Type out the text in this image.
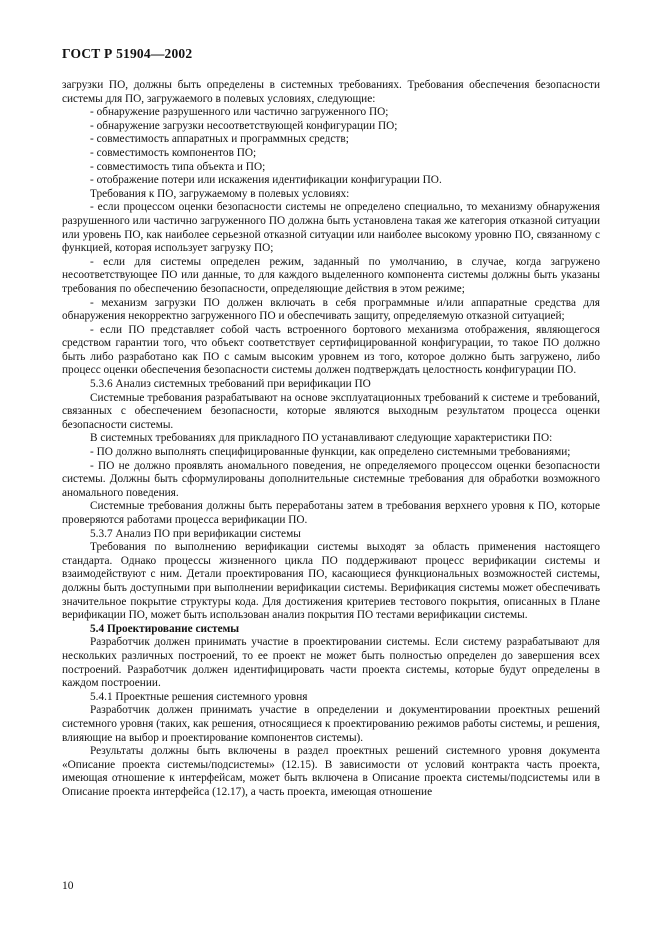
ГОСТ Р 51904—2002

загрузки ПО, должны быть определены в системных требованиях. Требования обеспечения безопасности системы для ПО, загружаемого в полевых условиях, следующие:

- обнаружение разрушенного или частично загруженного ПО;

- обнаружение загрузки несоответствующей конфигурации ПО;

- совместимость аппаратных и программных средств;

- совместимость компонентов ПО;

- совместимость типа объекта и ПО;

- отображение потери или искажения идентификации конфигурации ПО.

Требования к ПО, загружаемому в полевых условиях:

- если процессом оценки безопасности системы не определено специально, то механизму обнаружения разрушенного или частично загруженного ПО должна быть установлена такая же категория отказной ситуации или уровень ПО, как наиболее серьезной отказной ситуации или наиболее высокому уровню ПО, связанному с функцией, которая использует загрузку ПО;

- если для системы определен режим, заданный по умолчанию, в случае, когда загружено несоответствующее ПО или данные, то для каждого выделенного компонента системы должны быть указаны требования по обеспечению безопасности, определяющие действия в этом режиме;

- механизм загрузки ПО должен включать в себя программные и/или аппаратные средства для обнаружения некорректно загруженного ПО и обеспечивать защиту, определяемую отказной ситуацией;

- если ПО представляет собой часть встроенного бортового механизма отображения, являющегося средством гарантии того, что объект соответствует сертифицированной конфигурации, то такое ПО должно быть либо разработано как ПО с самым высоким уровнем из того, которое должно быть загружено, либо процесс оценки обеспечения безопасности системы должен подтверждать целостность конфигурации ПО.

5.3.6 Анализ системных требований при верификации ПО

Системные требования разрабатывают на основе эксплуатационных требований к системе и требований, связанных с обеспечением безопасности, которые являются выходным результатом процесса оценки безопасности системы.

В системных требованиях для прикладного ПО устанавливают следующие характеристики ПО:

- ПО должно выполнять специфицированные функции, как определено системными требованиями;

- ПО не должно проявлять аномального поведения, не определяемого процессом оценки безопасности системы. Должны быть сформулированы дополнительные системные требования для обработки возможного аномального поведения.

Системные требования должны быть переработаны затем в требования верхнего уровня к ПО, которые проверяются работами процесса верификации ПО.

5.3.7 Анализ ПО при верификации системы

Требования по выполнению верификации системы выходят за область применения настоящего стандарта. Однако процессы жизненного цикла ПО поддерживают процесс верификации системы и взаимодействуют с ним. Детали проектирования ПО, касающиеся функциональных возможностей системы, должны быть доступными при выполнении верификации системы. Верификация системы может обеспечивать значительное покрытие структуры кода. Для достижения критериев тестового покрытия, описанных в Плане верификации ПО, может быть использован анализ покрытия ПО тестами верификации системы.

5.4 Проектирование системы

Разработчик должен принимать участие в проектировании системы. Если систему разрабатывают для нескольких различных построений, то ее проект не может быть полностью определен до завершения всех построений. Разработчик должен идентифицировать части проекта системы, которые будут определены в каждом построении.

5.4.1 Проектные решения системного уровня

Разработчик должен принимать участие в определении и документировании проектных решений системного уровня (таких, как решения, относящиеся к проектированию режимов работы системы, и решения, влияющие на выбор и проектирование компонентов системы).

Результаты должны быть включены в раздел проектных решений системного уровня документа «Описание проекта системы/подсистемы» (12.15). В зависимости от условий контракта часть проекта, имеющая отношение к интерфейсам, может быть включена в Описание проекта системы/подсистемы или в Описание проекта интерфейса (12.17), а часть проекта, имеющая отношение

10
